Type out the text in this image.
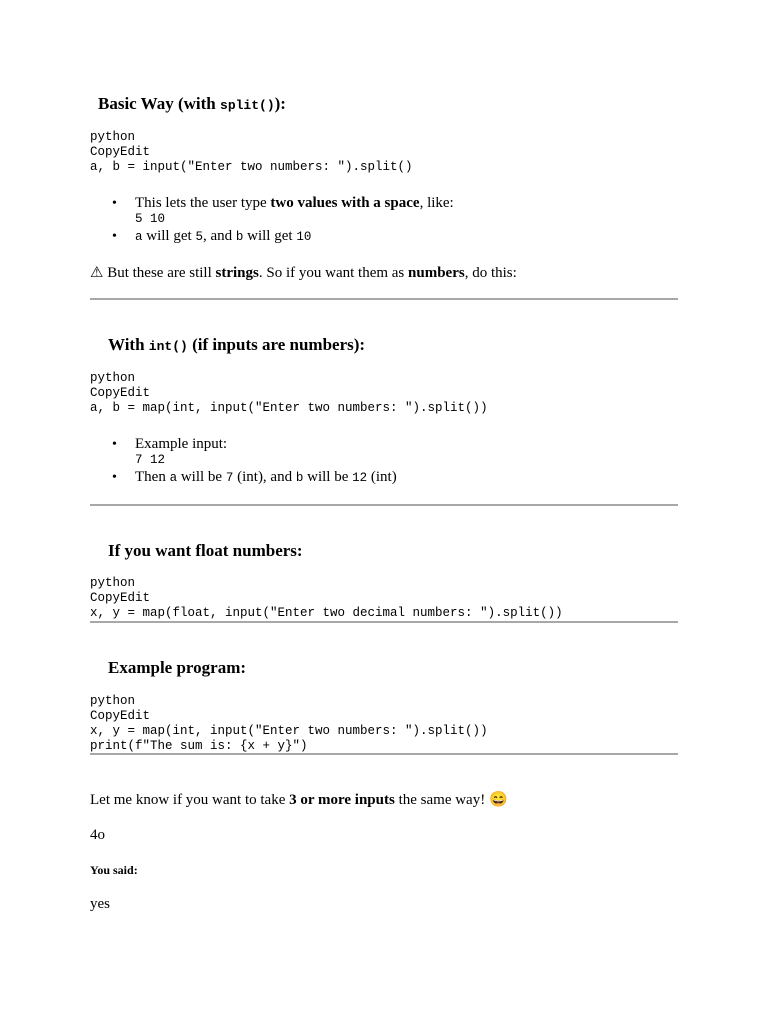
Basic Way (with split()):
python
CopyEdit
a, b = input("Enter two numbers: ").split()
• This lets the user type two values with a space, like:
5 10
• a will get 5, and b will get 10

⚠ But these are still strings. So if you want them as numbers, do this:

With int() (if inputs are numbers):
python
CopyEdit
a, b = map(int, input("Enter two numbers: ").split())
• Example input:
7 12
• Then a will be 7 (int), and b will be 12 (int)
If you want float numbers:
python
CopyEdit
x, y = map(float, input("Enter two decimal numbers: ").split())
Example program:
python
CopyEdit
x, y = map(int, input("Enter two numbers: ").split())
print(f"The sum is: {x + y}")

Let me know if you want to take 3 or more inputs the same way! 😄

4o

You said:

yes
